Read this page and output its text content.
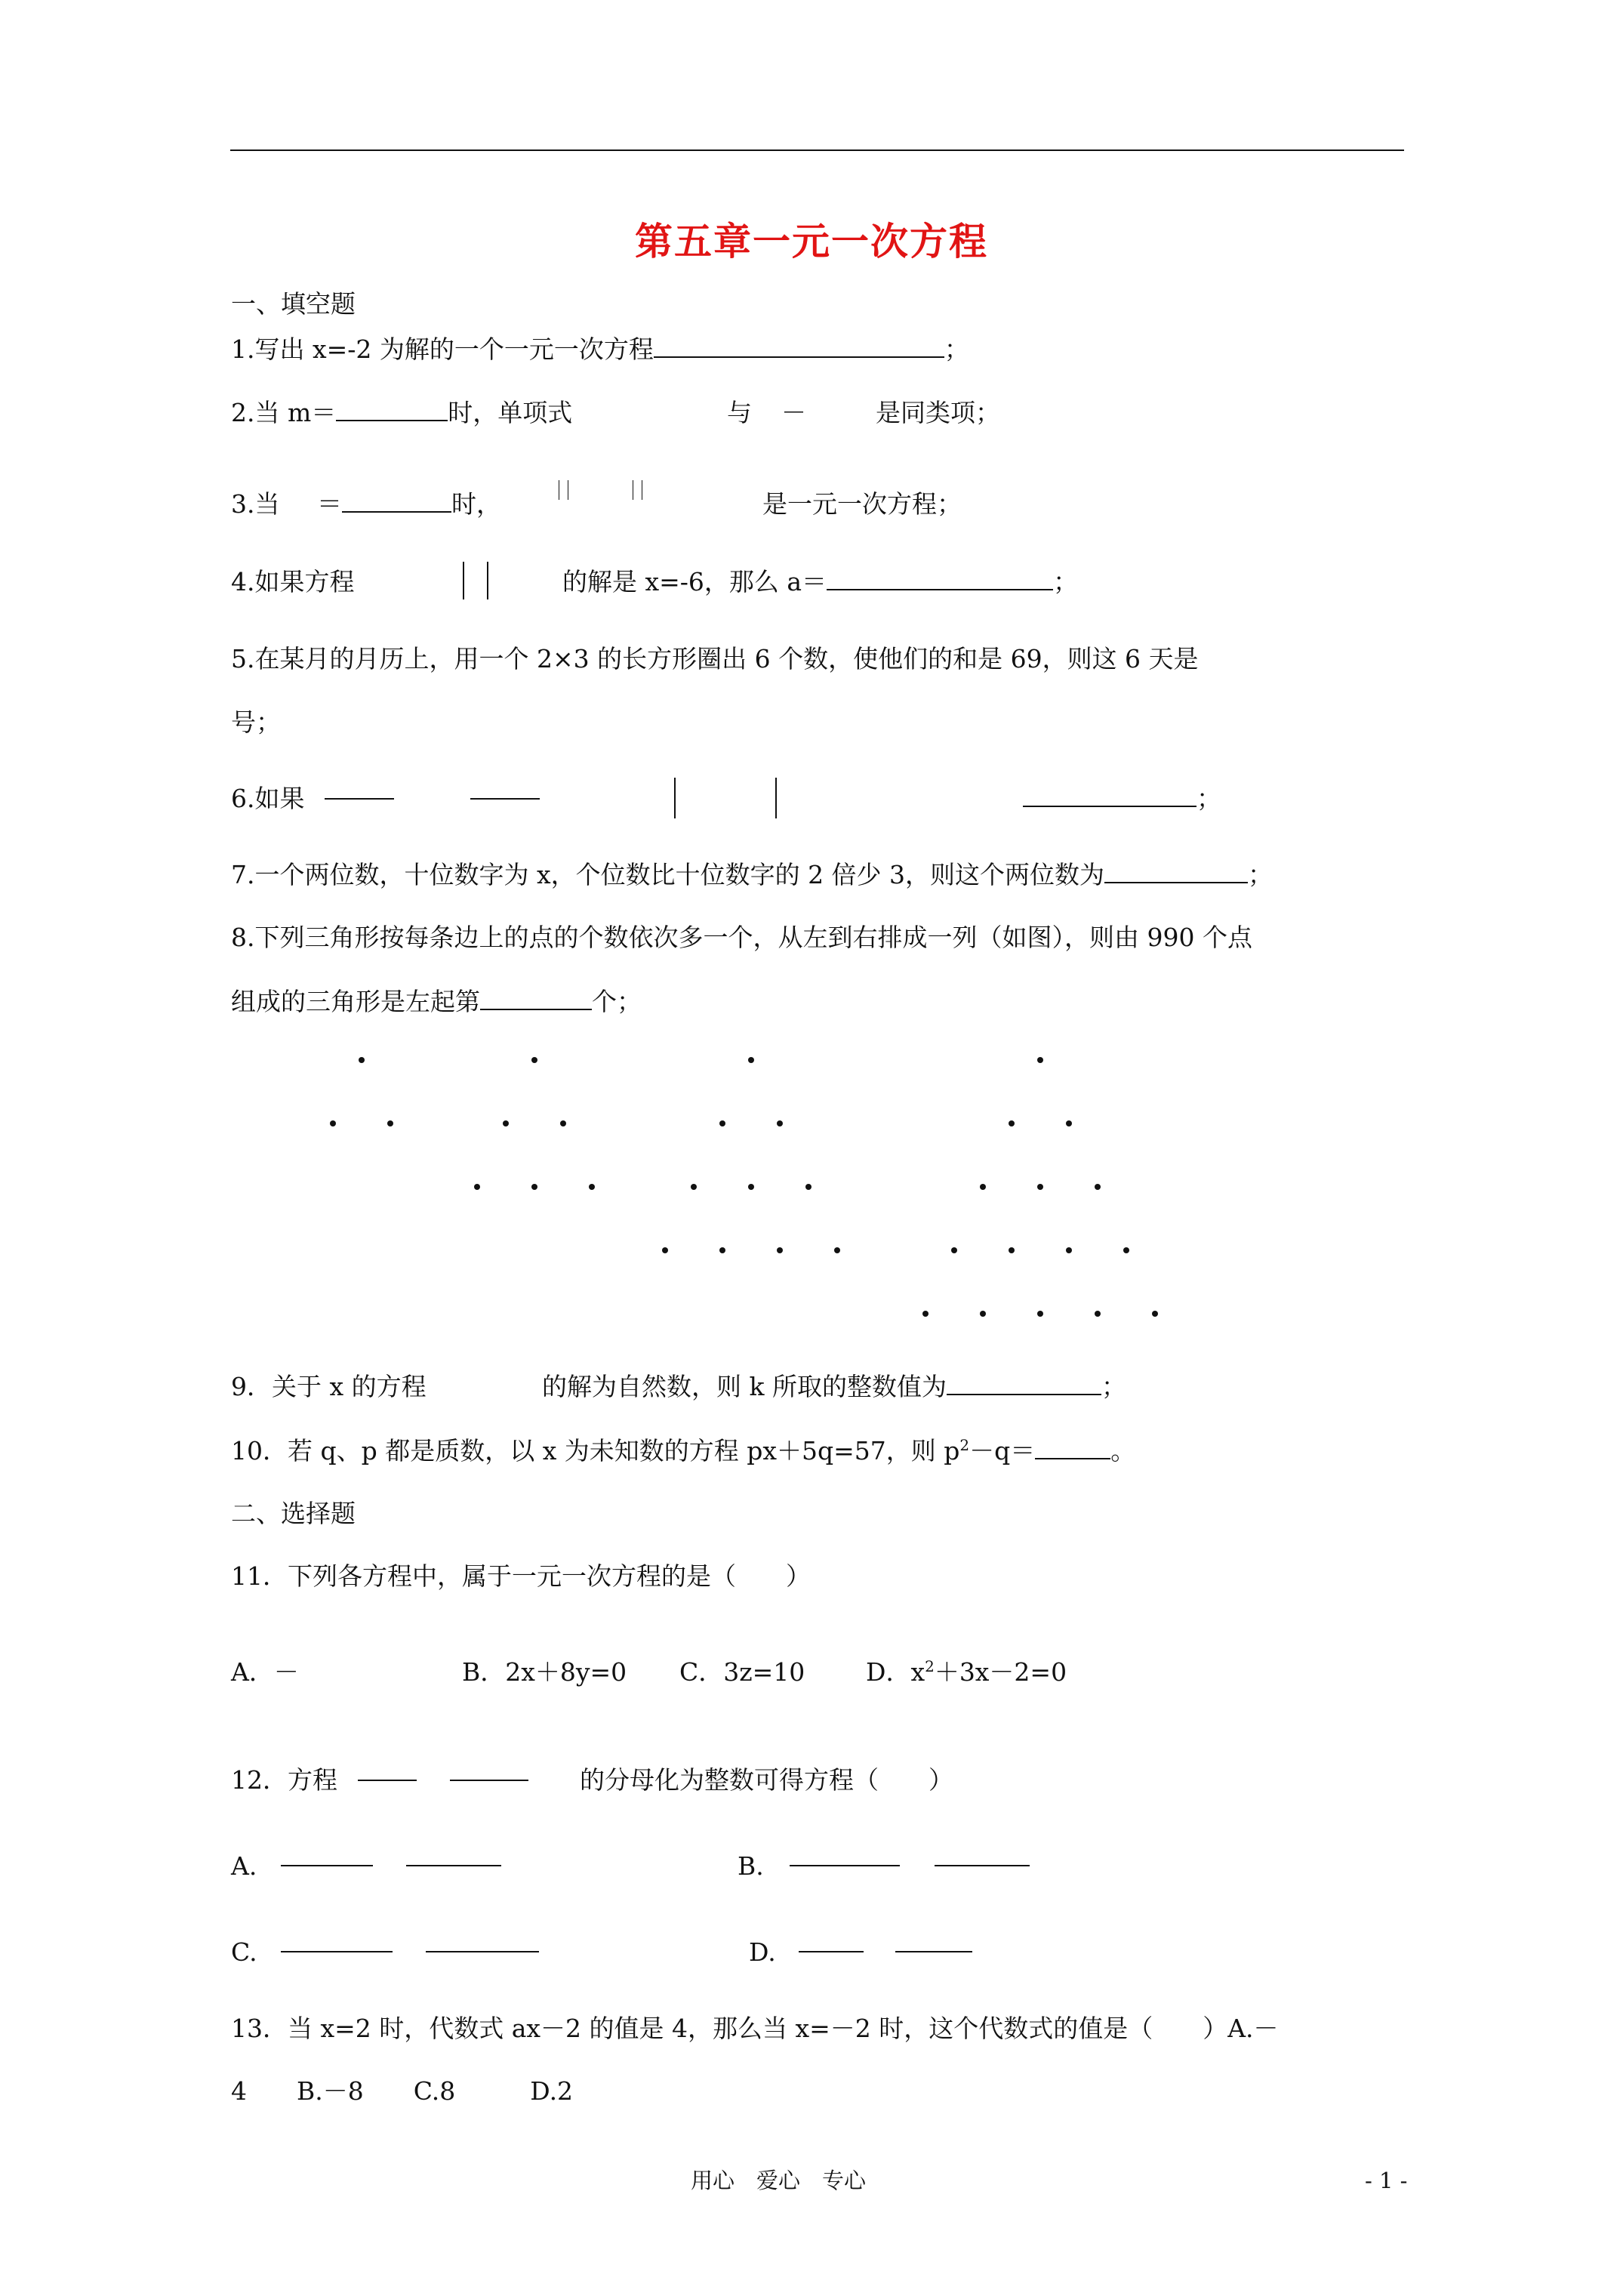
第五章一元一次方程
一、填空题
1.写出 x=-2 为解的一个一元一次方程	；
2.当 m＝	时，单项式	与 －	是同类项；
3.当 ＝	时，	是一元一次方程；
4.如果方程	的解是 x=-6，那么 a＝	；
5.在某月的月历上，用一个 2×3 的长方形圈出 6 个数，使他们的和是 69，则这 6 天是
号；
6.如果	；
7.一个两位数，十位数字为 x，个位数比十位数字的 2 倍少 3，则这个两位数为	；
8.下列三角形按每条边上的点的个数依次多一个，从左到右排成一列（如图），则由 990 个点
组成的三角形是左起第	个；
9．关于 x 的方程	的解为自然数，则 k 所取的整数值为	；
10．若 q、p 都是质数，以 x 为未知数的方程 px＋5q=57，则 $p^2-q=$	。
二、选择题
11．下列各方程中，属于一元一次方程的是（　　）
A．－	B．2x＋8y=0 C．3z=10 D．$x^2+3x-2=0$
12．方程	的分母化为整数可得方程（　　）
A.	B.
C.	D.
13．当 x=2 时，代数式 ax－2 的值是 4，那么当 x=－2 时，这个代数式的值是（　　）A.－
4　　B.－8　　C.8　　　D.2
用心　爱心　专心	- 1 -
